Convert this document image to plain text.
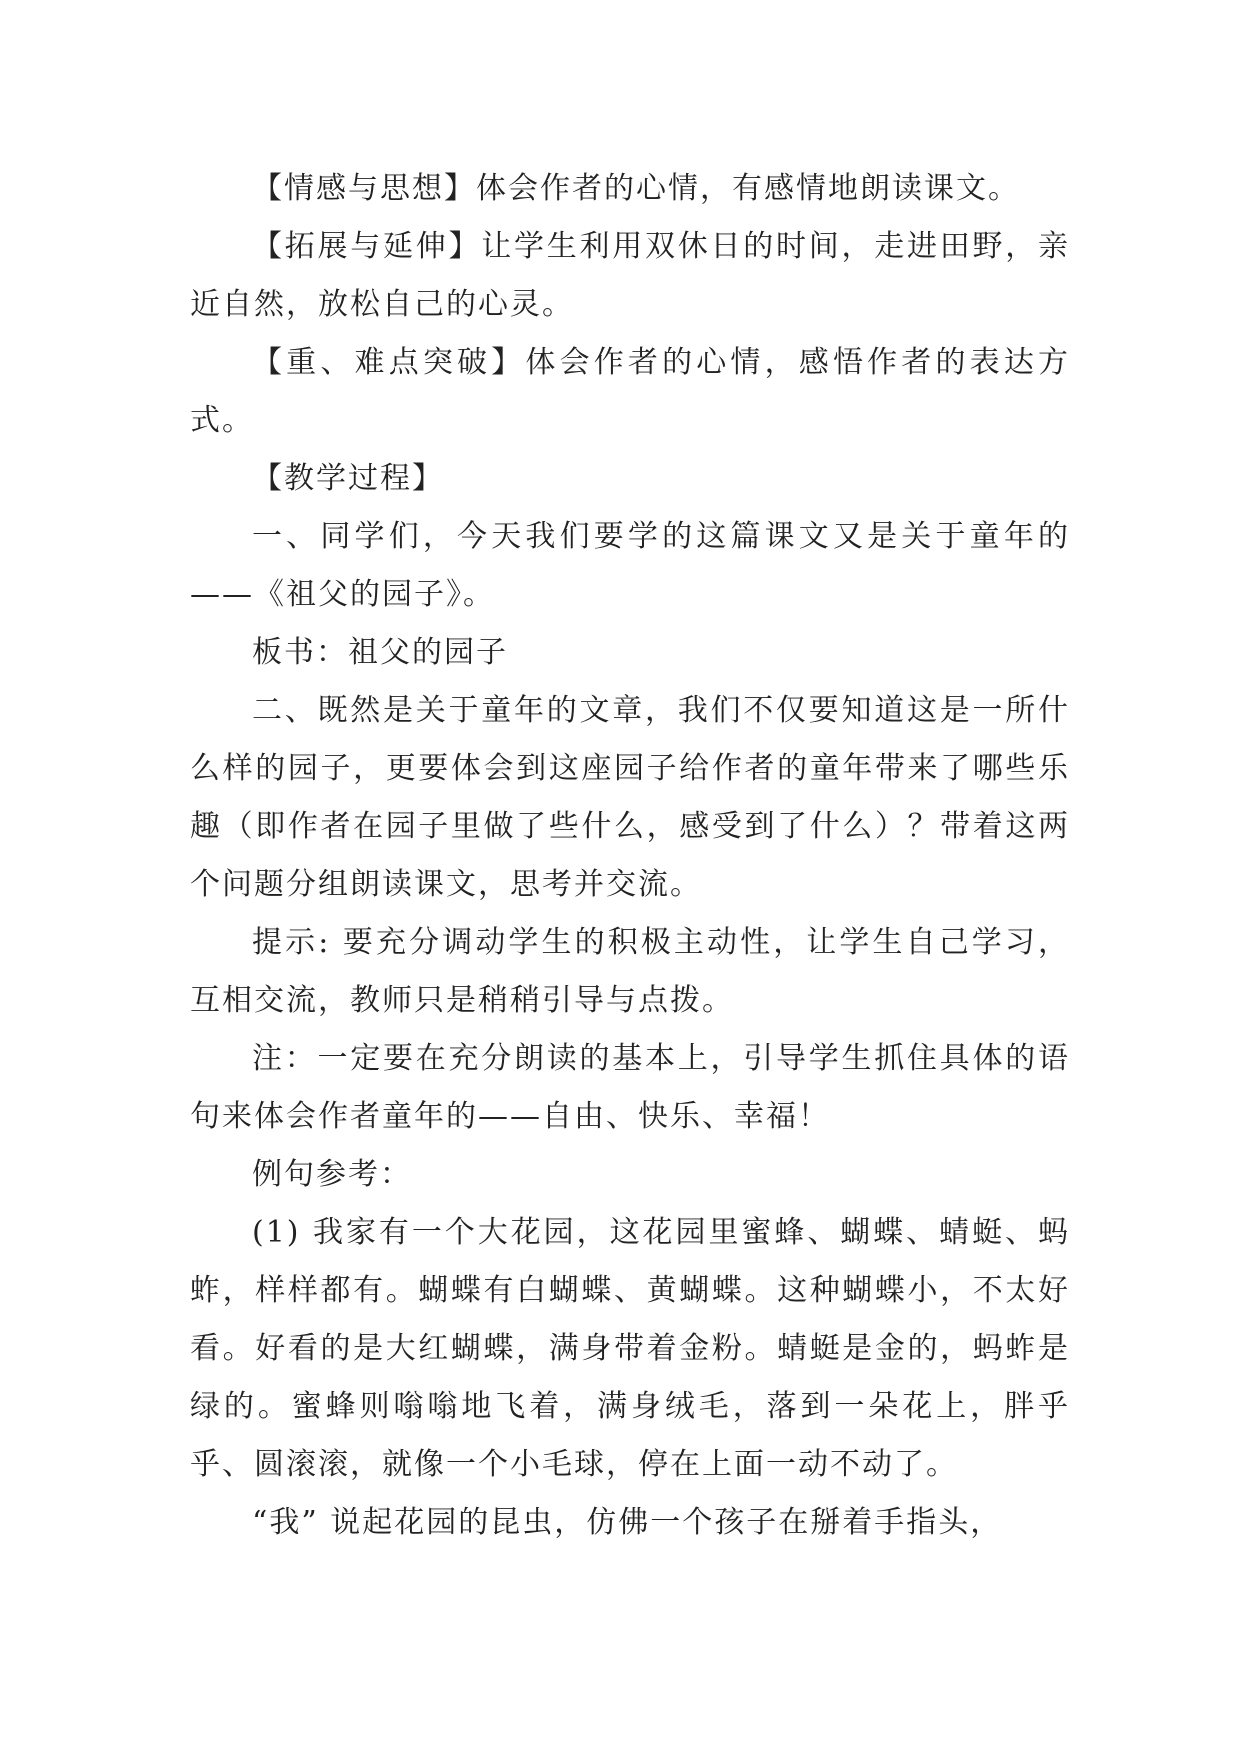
【情感与思想】体会作者的心情，有感情地朗读课文。

【拓展与延伸】让学生利用双休日的时间，走进田野，亲近自然，放松自己的心灵。

【重、难点突破】体会作者的心情，感悟作者的表达方式。

【教学过程】

一、同学们，今天我们要学的这篇课文又是关于童年的——《祖父的园子》。

板书：祖父的园子

二、既然是关于童年的文章，我们不仅要知道这是一所什么样的园子，更要体会到这座园子给作者的童年带来了哪些乐趣（即作者在园子里做了些什么，感受到了什么）？带着这两个问题分组朗读课文，思考并交流。

提示: 要充分调动学生的积极主动性，让学生自己学习，互相交流，教师只是稍稍引导与点拨。

注：一定要在充分朗读的基本上，引导学生抓住具体的语句来体会作者童年的——自由、快乐、幸福！

例句参考：

(1) 我家有一个大花园，这花园里蜜蜂、蝴蝶、蜻蜓、蚂蚱，样样都有。蝴蝶有白蝴蝶、黄蝴蝶。这种蝴蝶小，不太好看。好看的是大红蝴蝶，满身带着金粉。蜻蜓是金的，蚂蚱是绿的。蜜蜂则嗡嗡地飞着，满身绒毛，落到一朵花上，胖乎乎、圆滚滚，就像一个小毛球，停在上面一动不动了。

“我” 说起花园的昆虫，仿佛一个孩子在掰着手指头，
